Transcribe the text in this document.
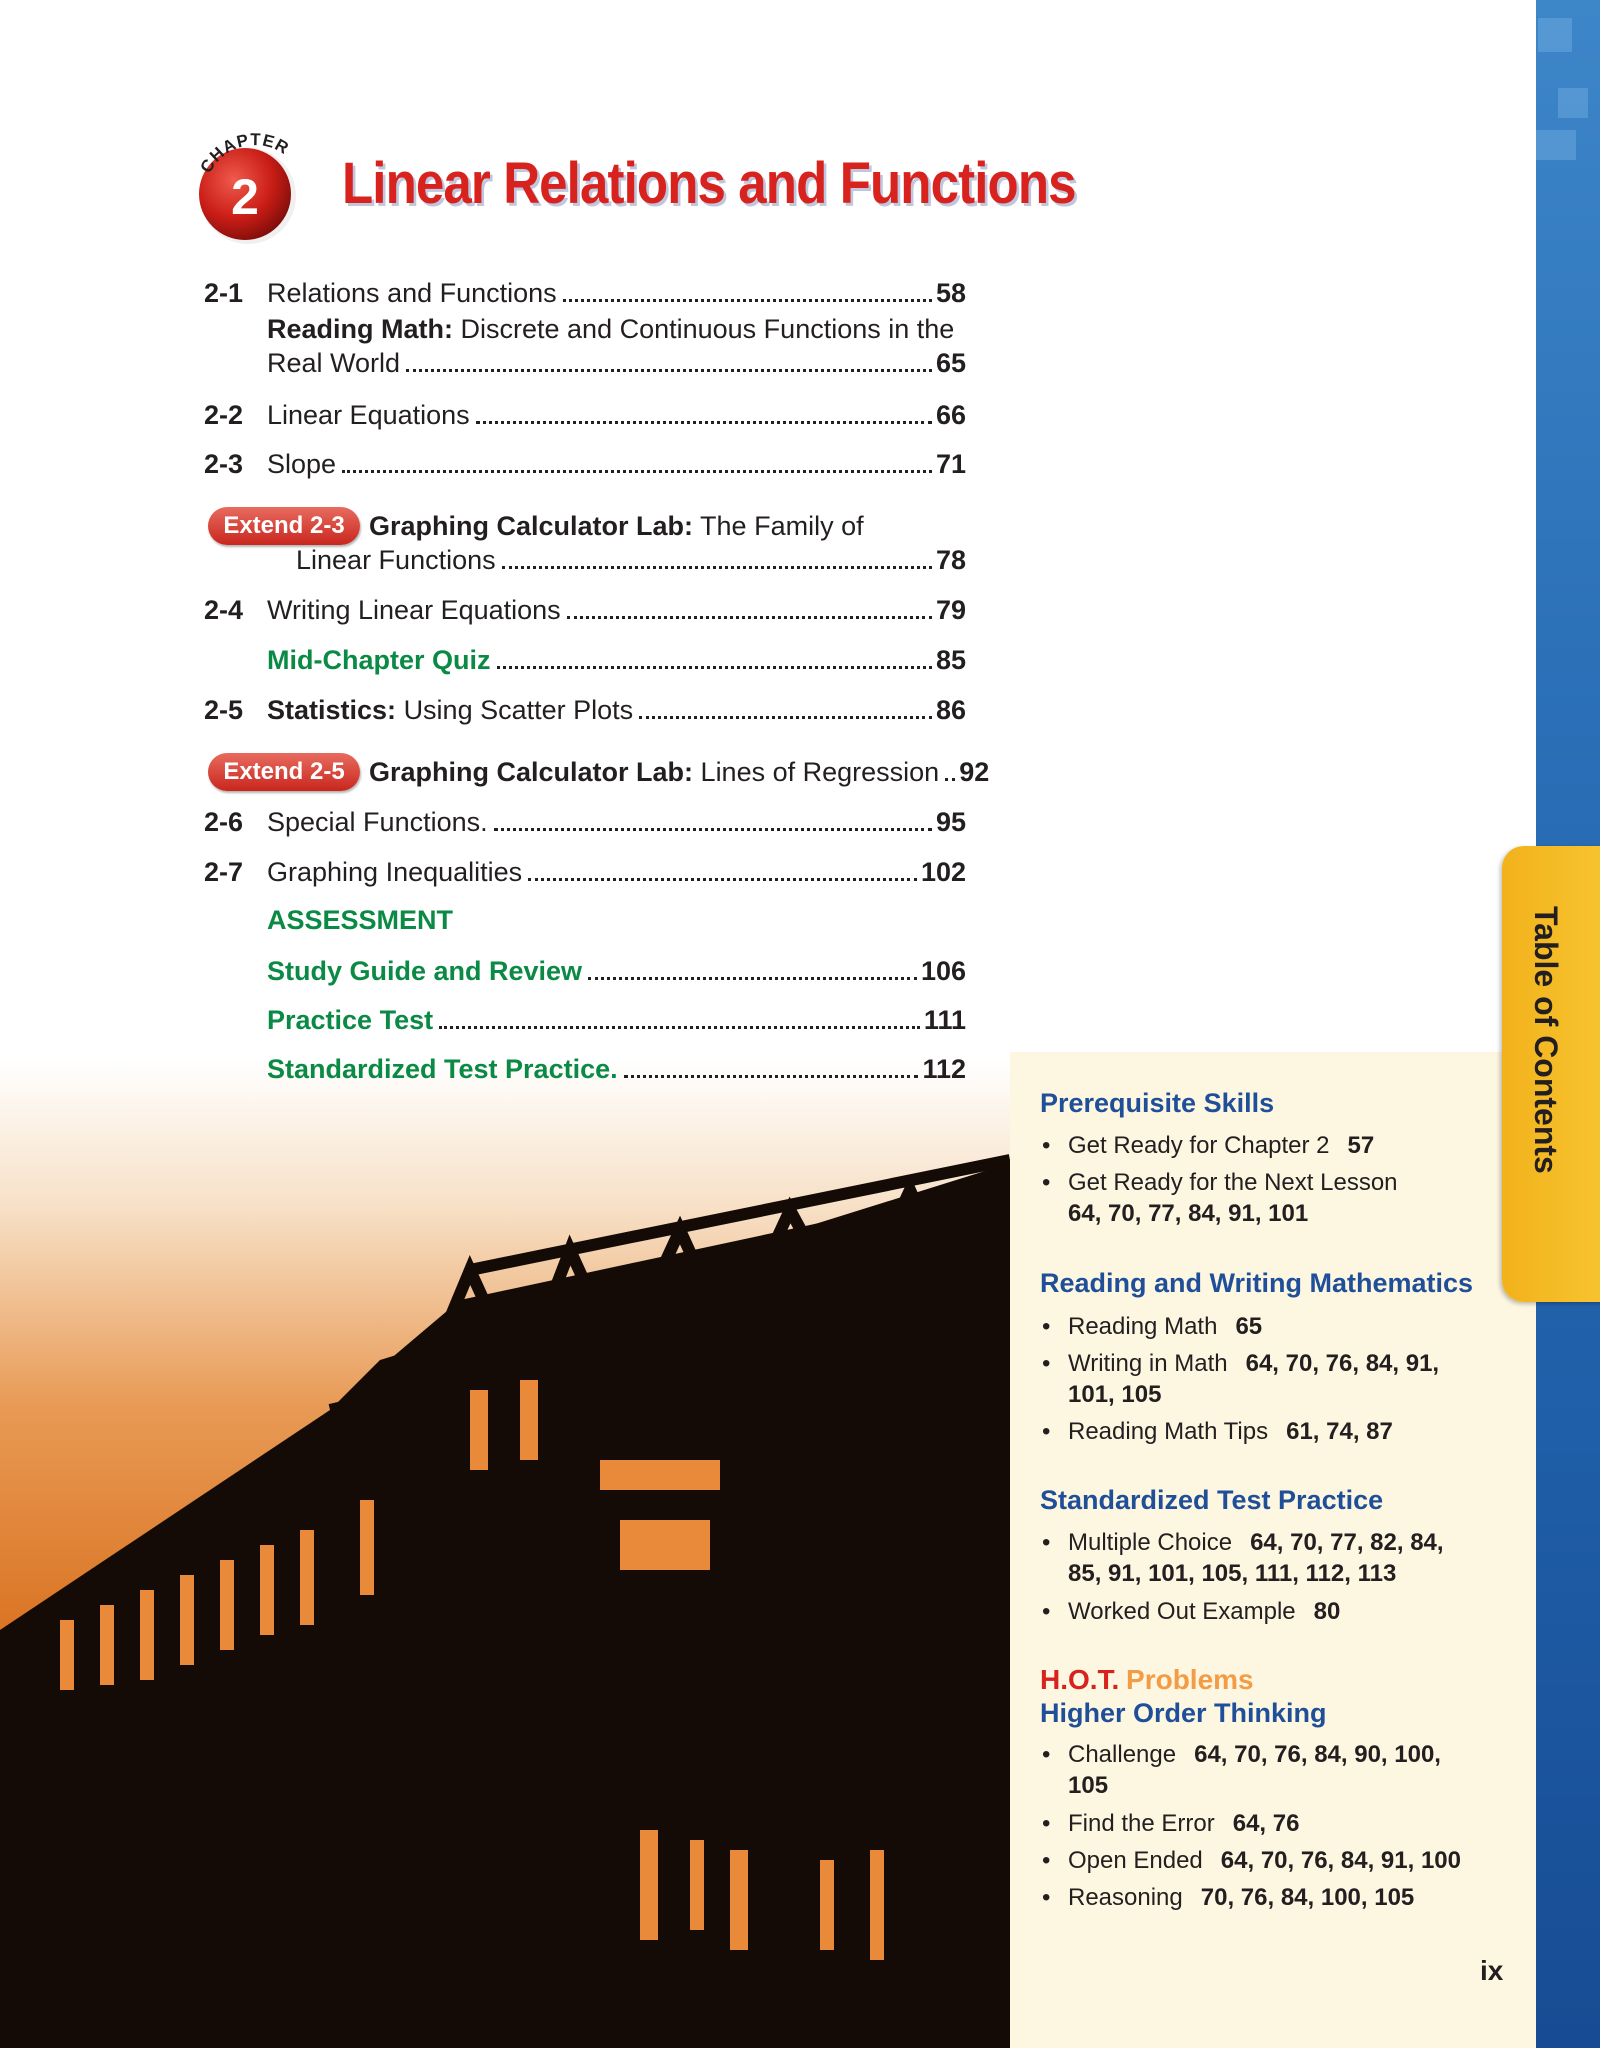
Table of Contents
CHAPTER
2 Linear Relations and Functions
2-1 Relations and Functions	58
Reading Math: Discrete and Continuous Functions in the
Real World	65
2-2 Linear Equations	66
2-3 Slope	71
Extend 2-3 Graphing Calculator Lab: The Family of
Linear Functions	78
2-4 Writing Linear Equations	79
Mid-Chapter Quiz	85
2-5 Statistics: Using Scatter Plots	86
Extend 2-5 Graphing Calculator Lab: Lines of Regression 92
2-6 Special Functions.	95
2-7 Graphing Inequalities	102
ASSESSMENT
Study Guide and Review	106
Practice Test	111
Standardized Test Practice.	112
Prerequisite Skills
• Get Ready for Chapter 2 57
• Get Ready for the Next Lesson
64, 70, 77, 84, 91, 101
Reading and Writing Mathematics
• Reading Math 65
• Writing in Math 64, 70, 76, 84, 91,
101, 105
• Reading Math Tips 61, 74, 87
Standardized Test Practice
• Multiple Choice 64, 70, 77, 82, 84,
85, 91, 101, 105, 111, 112, 113
• Worked Out Example 80
H.O.T. Problems
Higher Order Thinking
• Challenge 64, 70, 76, 84, 90, 100,
105
• Find the Error 64, 76
• Open Ended 64, 70, 76, 84, 91, 100
• Reasoning 70, 76, 84, 100, 105
ix
